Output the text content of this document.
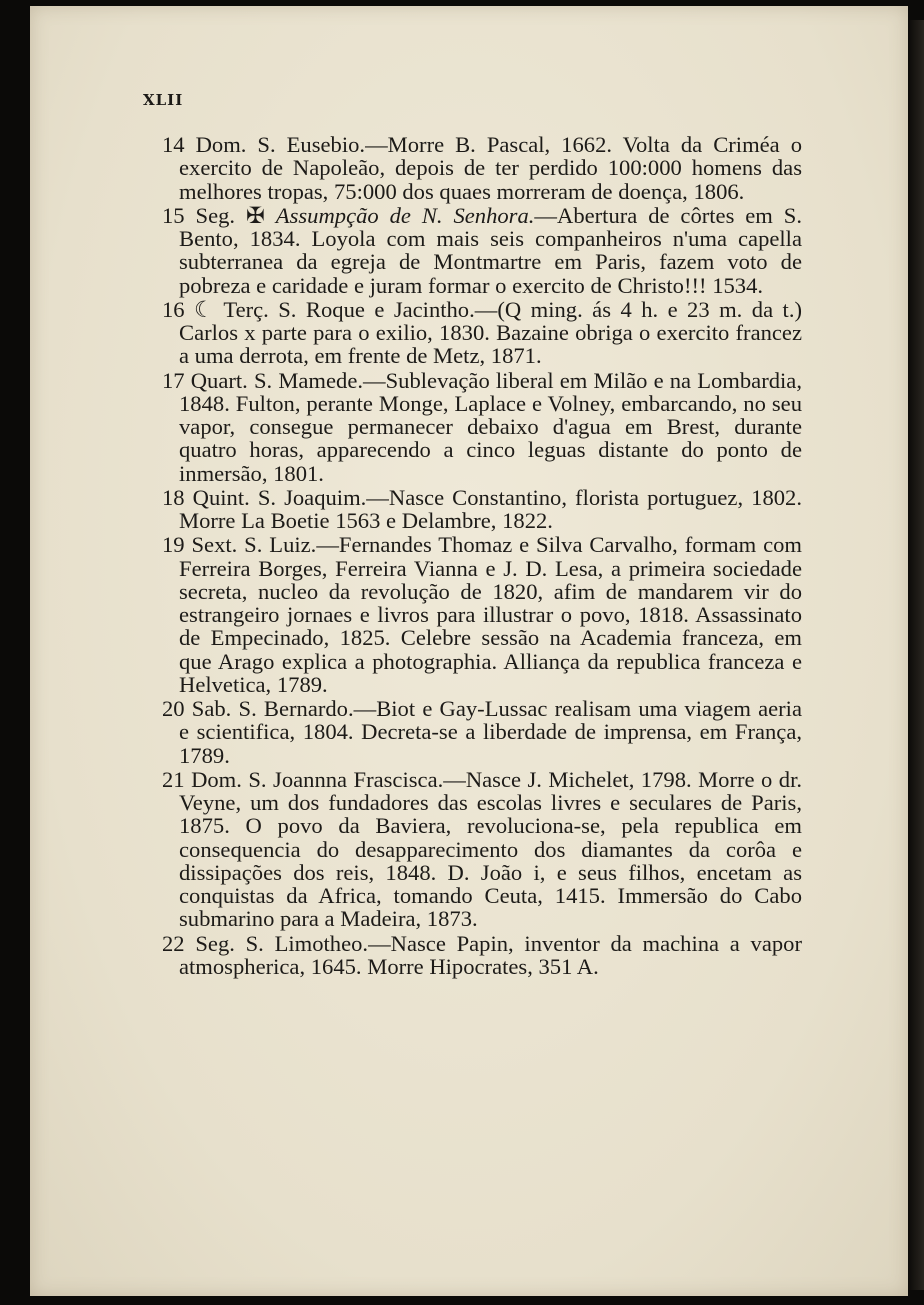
XLII

14 Dom. S. Eusebio.—Morre B. Pascal, 1662. Volta da Criméa o exercito de Napoleão, depois de ter perdido 100:000 homens das melhores tropas, 75:000 dos quaes morreram de doença, 1806.

15 Seg. ✠ Assumpção de N. Senhora.—Abertura de côrtes em S. Bento, 1834. Loyola com mais seis companheiros n'uma capella subterranea da egreja de Montmartre em Paris, fazem voto de pobreza e caridade e juram formar o exercito de Christo!!! 1534.

16 ☾ Terç. S. Roque e Jacintho.—(Q ming. ás 4 h. e 23 m. da t.) Carlos x parte para o exilio, 1830. Bazaine obriga o exercito francez a uma derrota, em frente de Metz, 1871.

17 Quart. S. Mamede.—Sublevação liberal em Milão e na Lombardia, 1848. Fulton, perante Monge, Laplace e Volney, embarcando, no seu vapor, consegue permanecer debaixo d'agua em Brest, durante quatro horas, apparecendo a cinco leguas distante do ponto de inmersão, 1801.

18 Quint. S. Joaquim.—Nasce Constantino, florista portuguez, 1802. Morre La Boetie 1563 e Delambre, 1822.

19 Sext. S. Luiz.—Fernandes Thomaz e Silva Carvalho, formam com Ferreira Borges, Ferreira Vianna e J. D. Lesa, a primeira sociedade secreta, nucleo da revolução de 1820, afim de mandarem vir do estrangeiro jornaes e livros para illustrar o povo, 1818. Assassinato de Empecinado, 1825. Celebre sessão na Academia franceza, em que Arago explica a photographia. Alliança da republica franceza e Helvetica, 1789.

20 Sab. S. Bernardo.—Biot e Gay-Lussac realisam uma viagem aeria e scientifica, 1804. Decreta-se a liberdade de imprensa, em França, 1789.

21 Dom. S. Joannna Frascisca.—Nasce J. Michelet, 1798. Morre o dr. Veyne, um dos fundadores das escolas livres e seculares de Paris, 1875. O povo da Baviera, revoluciona-se, pela republica em consequencia do desapparecimento dos diamantes da corôa e dissipações dos reis, 1848. D. João i, e seus filhos, encetam as conquistas da Africa, tomando Ceuta, 1415. Immersão do Cabo submarino para a Madeira, 1873.

22 Seg. S. Limotheo.—Nasce Papin, inventor da machina a vapor atmospherica, 1645. Morre Hipocrates, 351 A.
